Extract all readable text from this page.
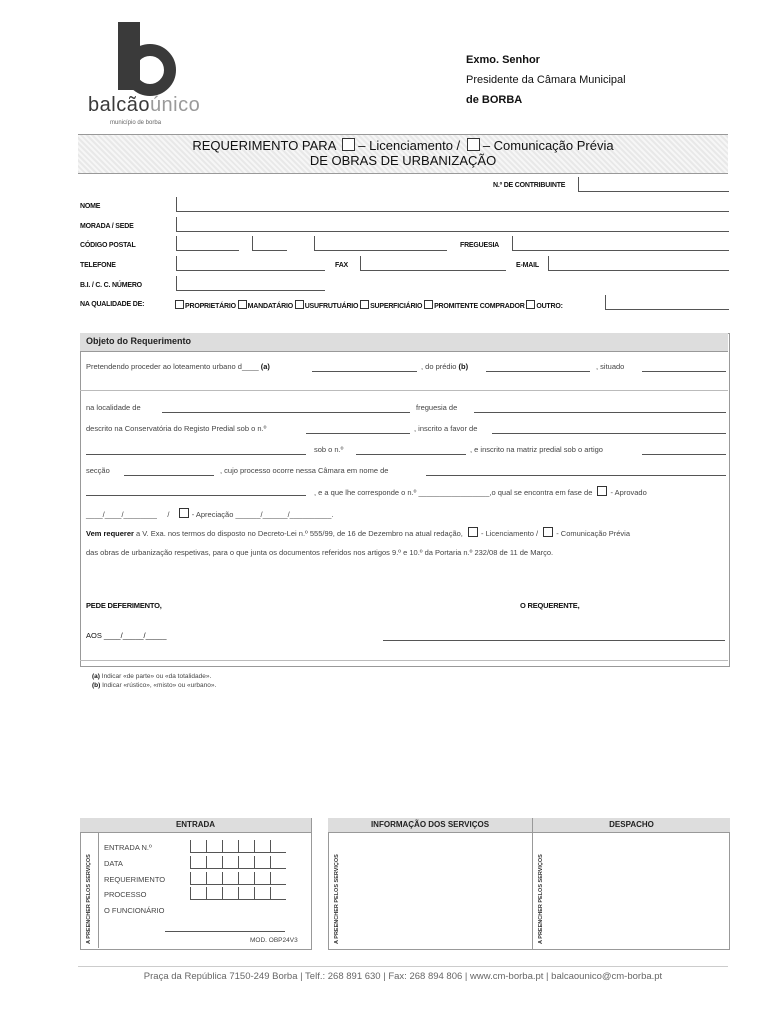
balcãoúnico
município de borba
Exmo. Senhor
Presidente da Câmara Municipal
de BORBA
REQUERIMENTO PARA – Licenciamento / – Comunicação Prévia
DE OBRAS DE URBANIZAÇÃO
N.º DE CONTRIBUINTE
NOME
MORADA / SEDE
CÓDIGO POSTAL	FREGUESIA
TELEFONE	FAX	E-MAIL
B.I. / C. C. NÚMERO
NA QUALIDADE DE:	PROPRIETÁRIO MANDATÁRIO USUFRUTUÁRIO SUPERFICIÁRIO PROMITENTE COMPRADOR OUTRO:
Objeto do Requerimento
Pretendendo proceder ao loteamento urbano d____ (a)	, do prédio (b)	, situado
na localidade de	freguesia de
descrito na Conservatória do Registo Predial sob o n.º	, inscrito a favor de
sob o n.º	, e inscrito na matriz predial sob o artigo
secção	, cujo processo ocorre nessa Câmara em nome de
, e a que lhe corresponde o n.º _________________,o qual se encontra em fase de - Aprovado
____/____/________ /	- Apreciação ______/______/__________.
Vem requerer a V. Exa. nos termos do disposto no Decreto-Lei n.º 555/99, de 16 de Dezembro na atual redação, - Licenciamento / - Comunicação Prévia
das obras de urbanização respetivas, para o que junta os documentos referidos nos artigos 9.º e 10.º da Portaria n.º 232/08 de 11 de Março.
PEDE DEFERIMENTO,	O REQUERENTE,
AOS ____/_____/_____
(a) Indicar «de parte» ou «da totalidade».
(b) Indicar «rústico», «misto» ou «urbano».
ENTRADA
A PREENCHER PELOS SERVIÇOS
ENTRADA N.º
DATA
REQUERIMENTO
PROCESSO
O FUNCIONÁRIO
MOD. OBP24V3
INFORMAÇÃO DOS SERVIÇOS	DESPACHO
A PREENCHER PELOS SERVIÇOS	A PREENCHER PELOS SERVIÇOS
Praça da República 7150-249 Borba | Telf.: 268 891 630 | Fax: 268 894 806 | www.cm-borba.pt | balcaounico@cm-borba.pt
